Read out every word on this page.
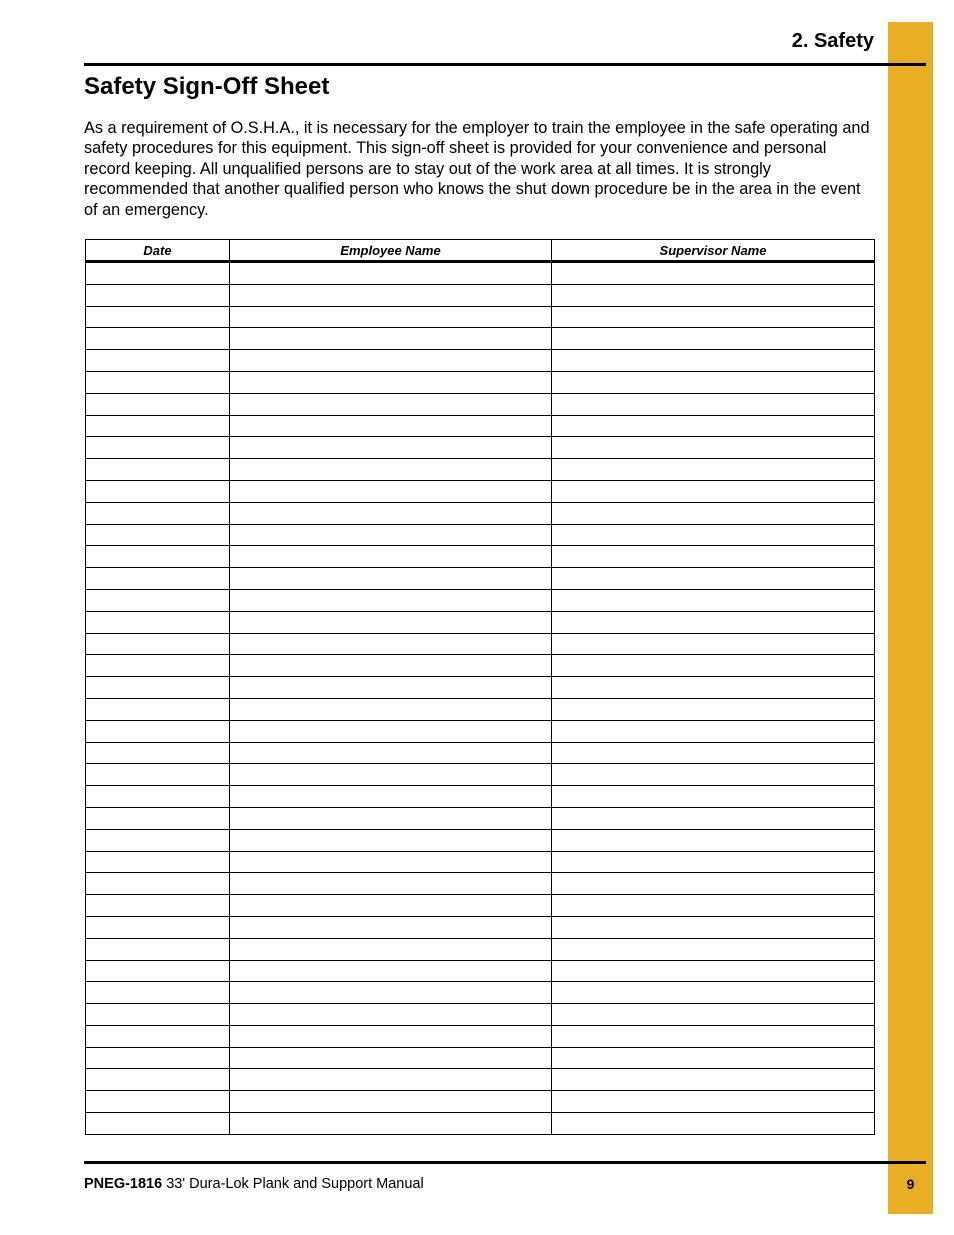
2. Safety
Safety Sign-Off Sheet

As a requirement of O.S.H.A., it is necessary for the employer to train the employee in the safe operating and safety procedures for this equipment. This sign-off sheet is provided for your convenience and personal record keeping. All unqualified persons are to stay out of the work area at all times. It is strongly recommended that another qualified person who knows the shut down procedure be in the area in the event of an emergency.

Date	Employee Name	Supervisor Name

PNEG-1816 33' Dura-Lok Plank and Support Manual	9
